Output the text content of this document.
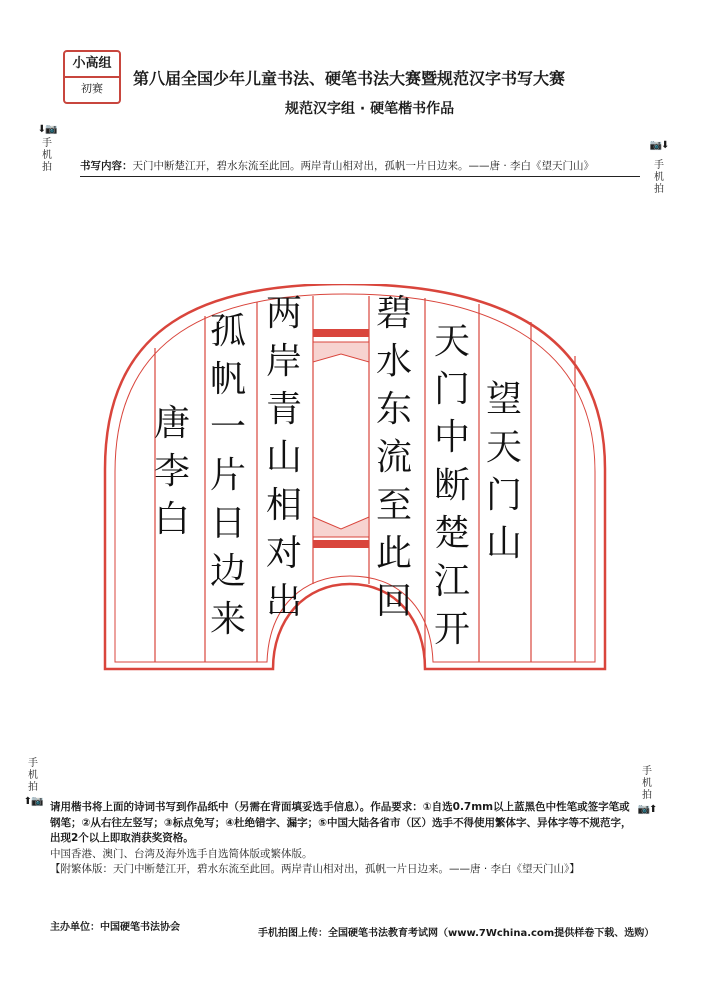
小高组
初赛
第八届全国少年儿童书法、硬笔书法大赛暨规范汉字书写大赛
规范汉字组 · 硬笔楷书作品
⬇📷
手机拍
📷⬇
手机拍
手机拍
⬆📷
手机拍
📷⬆
书写内容：天门中断楚江开，碧水东流至此回。两岸青山相对出，孤帆一片日边来。——唐 · 李白《望天门山》
望天门山
天门中断楚江开
碧水东流至此回
两岸青山相对出
孤帆一片日边来
唐李白

请用楷书将上面的诗词书写到作品纸中（另需在背面填妥选手信息）。作品要求：①自选0.7mm以上蓝黑色中性笔或签字笔或钢笔；②从右往左竖写；③标点免写；④杜绝错字、漏字；⑤中国大陆各省市（区）选手不得使用繁体字、异体字等不规范字，出现2个以上即取消获奖资格。

中国香港、澳门、台湾及海外选手自选简体版或繁体版。

【附繁体版：天门中断楚江开，碧水东流至此回。两岸青山相对出，孤帆一片日边来。——唐 · 李白《望天门山》】

主办单位：中国硬笔书法协会
手机拍图上传：全国硬笔书法教育考试网（www.7Wchina.com提供样卷下载、选购）
